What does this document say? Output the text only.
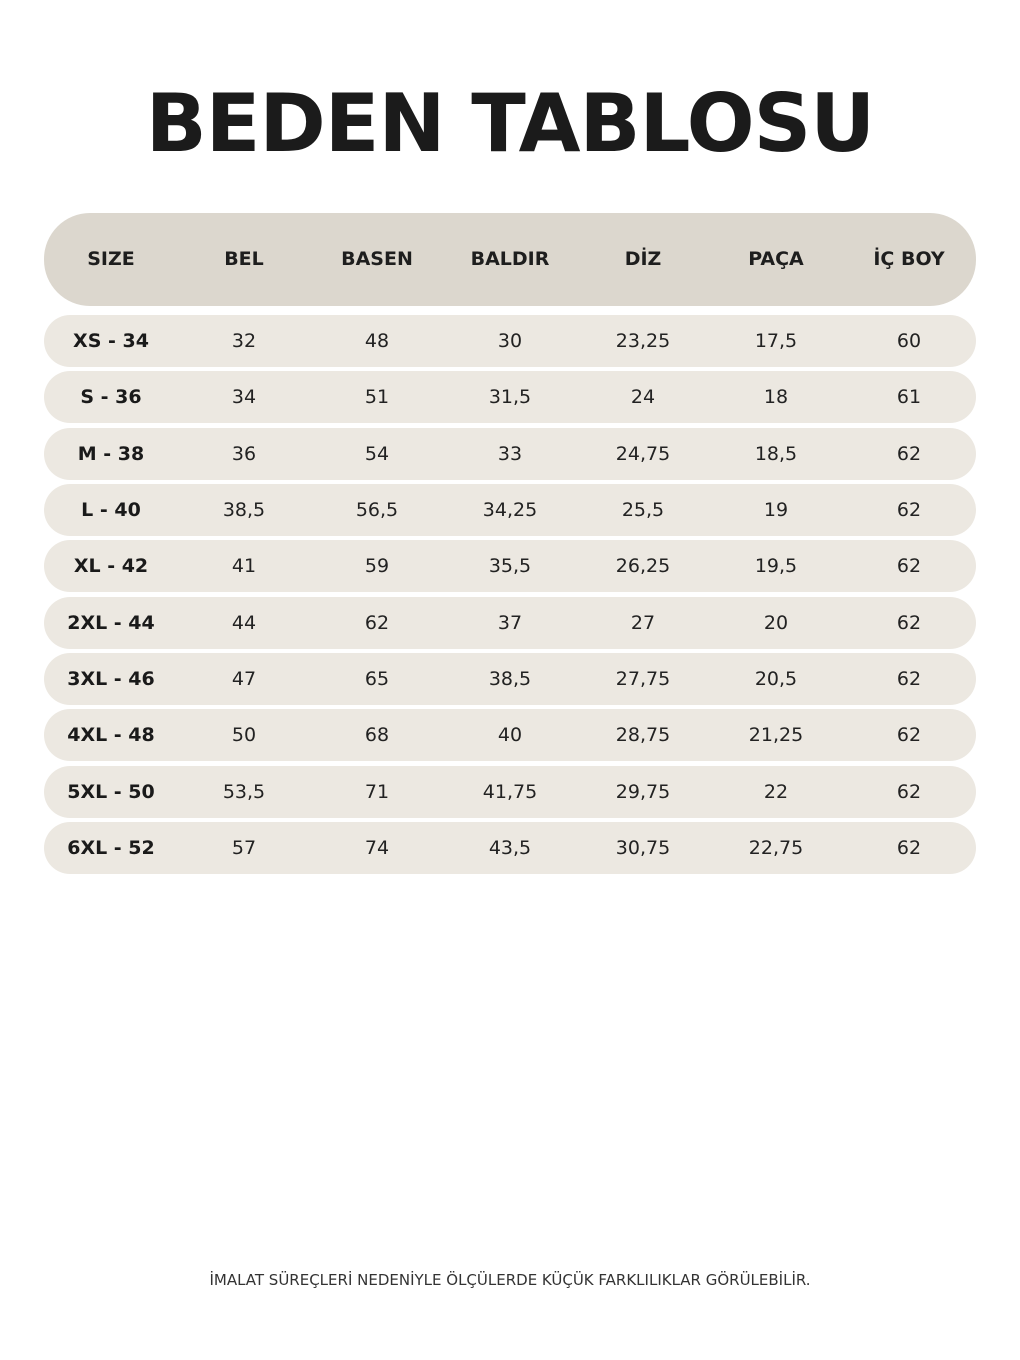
BEDEN TABLOSU
SIZE	BEL	BASEN	BALDIR	DİZ	PAÇA	İÇ BOY
XS - 34	32	48	30	23,25	17,5	60
S - 36	34	51	31,5	24	18	61
M - 38	36	54	33	24,75	18,5	62
L - 40	38,5	56,5	34,25	25,5	19	62
XL - 42	41	59	35,5	26,25	19,5	62
2XL - 44	44	62	37	27	20	62
3XL - 46	47	65	38,5	27,75	20,5	62
4XL - 48	50	68	40	28,75	21,25	62
5XL - 50	53,5	71	41,75	29,75	22	62
6XL - 52	57	74	43,5	30,75	22,75	62
İMALAT SÜREÇLERİ NEDENİYLE ÖLÇÜLERDE KÜÇÜK FARKLILIKLAR GÖRÜLEBİLİR.
